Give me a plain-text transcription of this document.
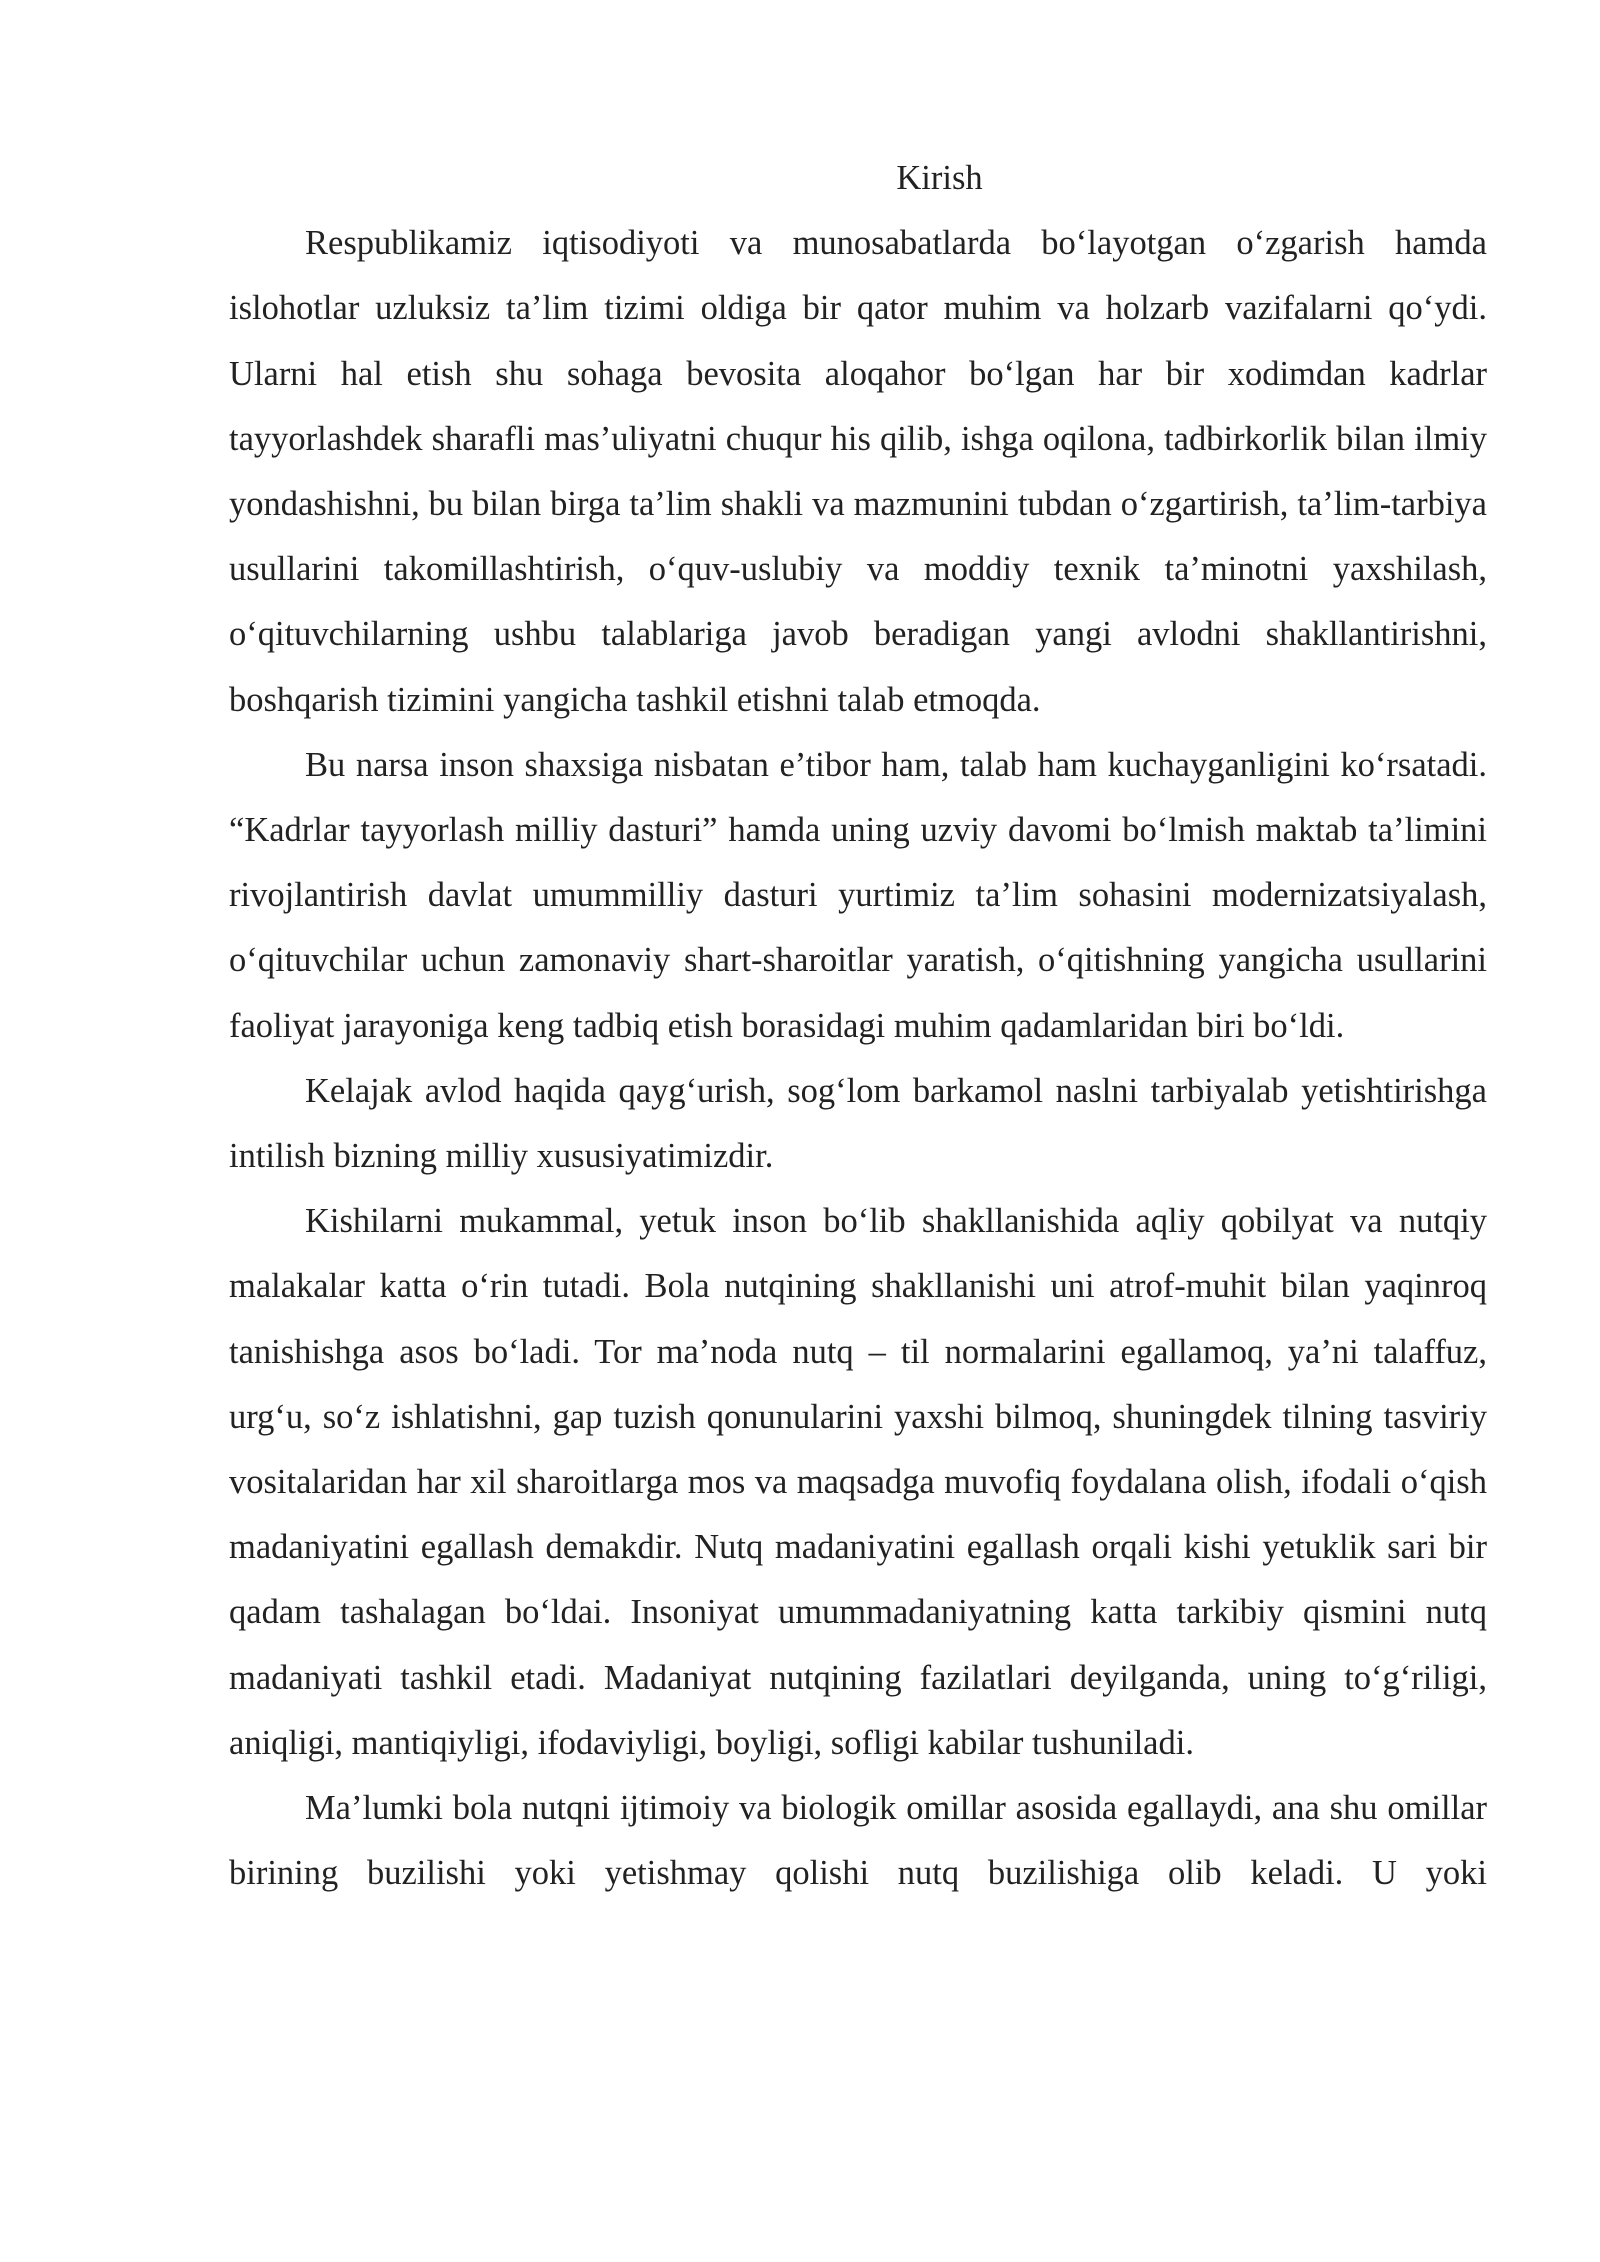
Kirish

Respublikamiz iqtisodiyoti va munosabatlarda bo‘layotgan o‘zgarish hamda islohotlar uzluksiz ta’lim tizimi oldiga bir qator muhim va holzarb vazifalarni qo‘ydi. Ularni hal etish shu sohaga bevosita aloqahor bo‘lgan har bir xodimdan kadrlar tayyorlashdek sharafli mas’uliyatni chuqur his qilib, ishga oqilona, tadbirkorlik bilan ilmiy yondashishni, bu bilan birga ta’lim shakli va mazmunini tubdan o‘zgartirish, ta’lim-tarbiya usullarini takomillashtirish, o‘quv-uslubiy va moddiy texnik ta’minotni yaxshilash, o‘qituvchilarning ushbu talablariga javob beradigan yangi avlodni shakllantirishni, boshqarish tizimini yangicha tashkil etishni talab etmoqda.

Bu narsa inson shaxsiga nisbatan e’tibor ham, talab ham kuchayganligini ko‘rsatadi. “Kadrlar tayyorlash milliy dasturi” hamda uning uzviy davomi bo‘lmish maktab ta’limini rivojlantirish davlat umummilliy dasturi yurtimiz ta’lim sohasini modernizatsiyalash, o‘qituvchilar uchun zamonaviy shart-sharoitlar yaratish, o‘qitishning yangicha usullarini faoliyat jarayoniga keng tadbiq etish borasidagi muhim qadamlaridan biri bo‘ldi.

Kelajak avlod haqida qayg‘urish, sog‘lom barkamol naslni tarbiyalab yetishtirishga intilish bizning milliy xususiyatimizdir.

Kishilarni mukammal, yetuk inson bo‘lib shakllanishida aqliy qobilyat va nutqiy malakalar katta o‘rin tutadi. Bola nutqining shakllanishi uni atrof-muhit bilan yaqinroq tanishishga asos bo‘ladi. Tor ma’noda nutq – til normalarini egallamoq, ya’ni talaffuz, urg‘u, so‘z ishlatishni, gap tuzish qonunularini yaxshi bilmoq, shuningdek tilning tasviriy vositalaridan har xil sharoitlarga mos va maqsadga muvofiq foydalana olish, ifodali o‘qish madaniyatini egallash demakdir. Nutq madaniyatini egallash orqali kishi yetuklik sari bir qadam tashalagan bo‘ldai. Insoniyat umummadaniyatning katta tarkibiy qismini nutq madaniyati tashkil etadi. Madaniyat nutqining fazilatlari deyilganda, uning to‘g‘riligi, aniqligi, mantiqiyligi, ifodaviyligi, boyligi, sofligi kabilar tushuniladi.

Ma’lumki bola nutqni ijtimoiy va biologik omillar asosida egallaydi, ana shu omillar birining buzilishi yoki yetishmay qolishi nutq buzilishiga olib keladi. U yoki
